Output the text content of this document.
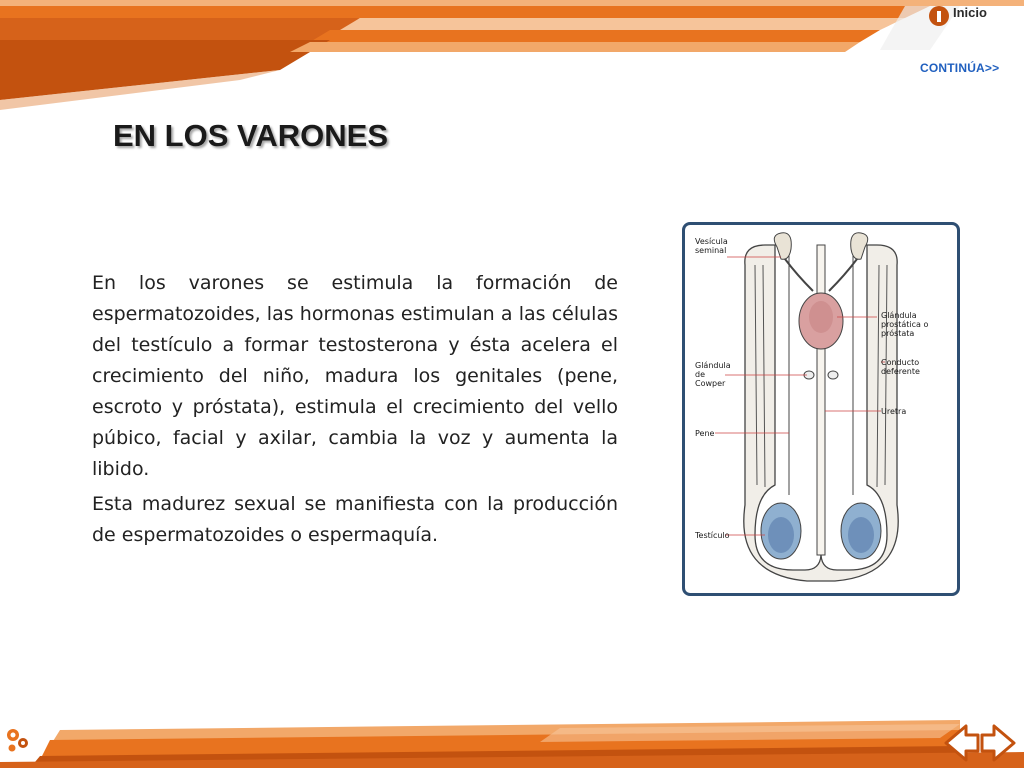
Inicio
CONTINÚA>>
EN LOS VARONES

En los varones se estimula la formación de espermatozoides, las hormonas estimulan a las células del testículo a formar testosterona y ésta acelera el crecimiento del niño, madura los genitales (pene, escroto y próstata), estimula el crecimiento del vello púbico, facial y axilar, cambia la voz y aumenta la libido.

Esta madurez sexual se manifiesta con la producción de espermatozoides o espermaquía.

Vesícula seminal
Glándula prostática o próstata
Glándula de Cowper
Conducto deferente
Uretra
Pene
Testículo
